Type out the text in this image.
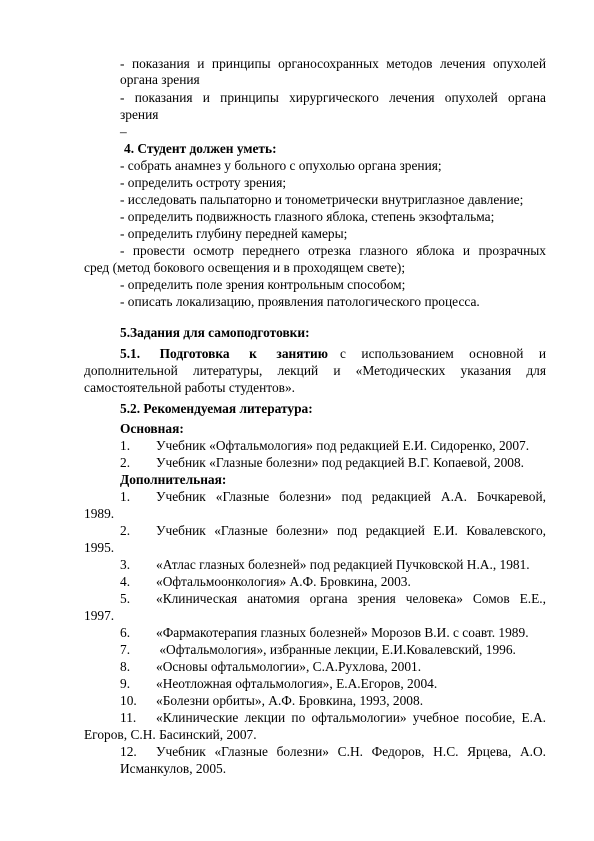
- показания и принципы органосохранных методов лечения опухолей
органа зрения
- показания и принципы хирургического лечения опухолей органа
зрения
–
4. Студент должен уметь:
- собрать анамнез у больного с опухолью органа зрения;
- определить остроту зрения;
- исследовать пальпаторно и тонометрически внутриглазное давление;
- определить подвижность глазного яблока, степень экзофтальма;
- определить глубину передней камеры;
- провести осмотр переднего отрезка глазного яблока и прозрачных
сред (метод бокового освещения и в проходящем свете);
- определить поле зрения контрольным способом;
- описать локализацию, проявления патологического процесса.
5.Задания для самоподготовки:
5.1. Подготовка к занятию с использованием основной и
дополнительной литературы, лекций и «Методических указания для
самостоятельной работы студентов».
5.2. Рекомендуемая литература:
Основная:
1. Учебник «Офтальмология» под редакцией Е.И. Сидоренко, 2007.
2. Учебник «Глазные болезни» под редакцией В.Г. Копаевой, 2008.
Дополнительная:
1. Учебник «Глазные болезни» под редакцией А.А. Бочкаревой,
1989.
2. Учебник «Глазные болезни» под редакцией Е.И. Ковалевского,
1995.
3. «Атлас глазных болезней» под редакцией Пучковской Н.А., 1981.
4. «Офтальмоонкология» А.Ф. Бровкина, 2003.
5. «Клиническая анатомия органа зрения человека» Сомов Е.Е.,
1997.
6. «Фармакотерапия глазных болезней» Морозов В.И. с соавт. 1989.
7. «Офтальмология», избранные лекции, Е.И.Ковалевский, 1996.
8. «Основы офтальмологии», С.А.Рухлова, 2001.
9. «Неотложная офтальмология», Е.А.Егоров, 2004.
10. «Болезни орбиты», А.Ф. Бровкина, 1993, 2008.
11. «Клинические лекции по офтальмологии» учебное пособие, Е.А.
Егоров, С.Н. Басинский, 2007.
12. Учебник «Глазные болезни» С.Н. Федоров, Н.С. Ярцева, А.О.
Исманкулов, 2005.
